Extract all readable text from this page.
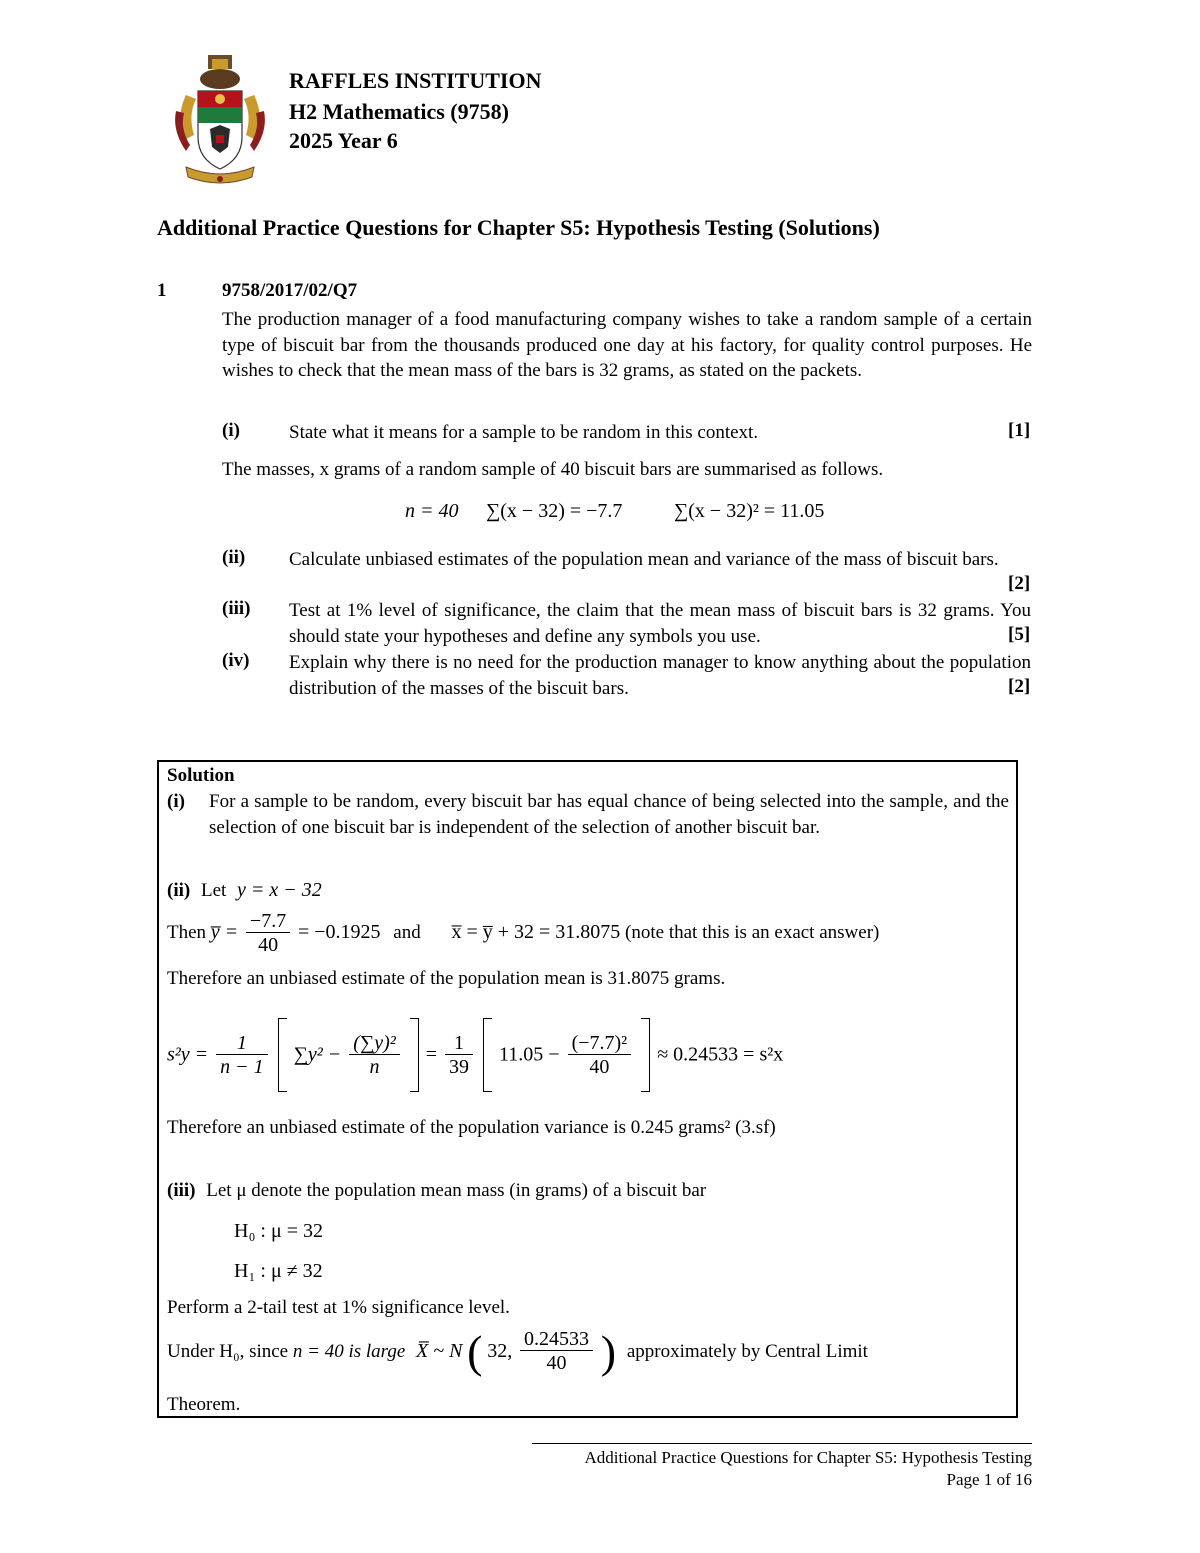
RAFFLES INSTITUTION
H2 Mathematics (9758)
2025 Year 6
Additional Practice Questions for Chapter S5: Hypothesis Testing (Solutions)
1	9758/2017/02/Q7
The production manager of a food manufacturing company wishes to take a random sample of a certain type of biscuit bar from the thousands produced one day at his factory, for quality control purposes. He wishes to check that the mean mass of the bars is 32 grams, as stated on the packets.
(i)	State what it means for a sample to be random in this context.	[1]
The masses, x grams of a random sample of 40 biscuit bars are summarised as follows.
n = 40 ∑(x − 32) = −7.7	∑(x − 32)² = 11.05
(ii) Calculate unbiased estimates of the population mean and variance of the mass of biscuit bars.
[2]
(iii) Test at 1% level of significance, the claim that the mean mass of biscuit bars is 32 grams. You should state your hypotheses and define any symbols you use.	[5]
(iv) Explain why there is no need for the production manager to know anything about the population distribution of the masses of the biscuit bars.	[2]
Solution
(i) For a sample to be random, every biscuit bar has equal chance of being selected into the sample, and the selection of one biscuit bar is independent of the selection of another biscuit bar.
(ii) Let y = x − 32
Then y̅ = $\frac{-7.7}{40} = -0.1925$ and x̅ = y̅ + 32 = 31.8075 (note that this is an exact answer)
Therefore an unbiased estimate of the population mean is 31.8075 grams.
$s^2y = \frac{1}{n - 1} \sum y^2 - \frac{\text{(∑y)²}}{n} = \frac{1}{39} 11.05 - \frac{\text{(−7.7)²}}{40} \approx 0.24533 = s^2x$
Therefore an unbiased estimate of the population variance is 0.245 grams² (3.sf)
(iii) Let μ denote the population mean mass (in grams) of a biscuit bar
H₀ : μ = 32
H₁ : μ ≠ 32
Perform a 2-tail test at 1% significance level.
Under H₀, since n = 40 is large X̅ ~ N ( 32, $\frac{0.24533}{40}$ ) approximately by Central Limit
Theorem.
Additional Practice Questions for Chapter S5: Hypothesis Testing
Page 1 of 16
